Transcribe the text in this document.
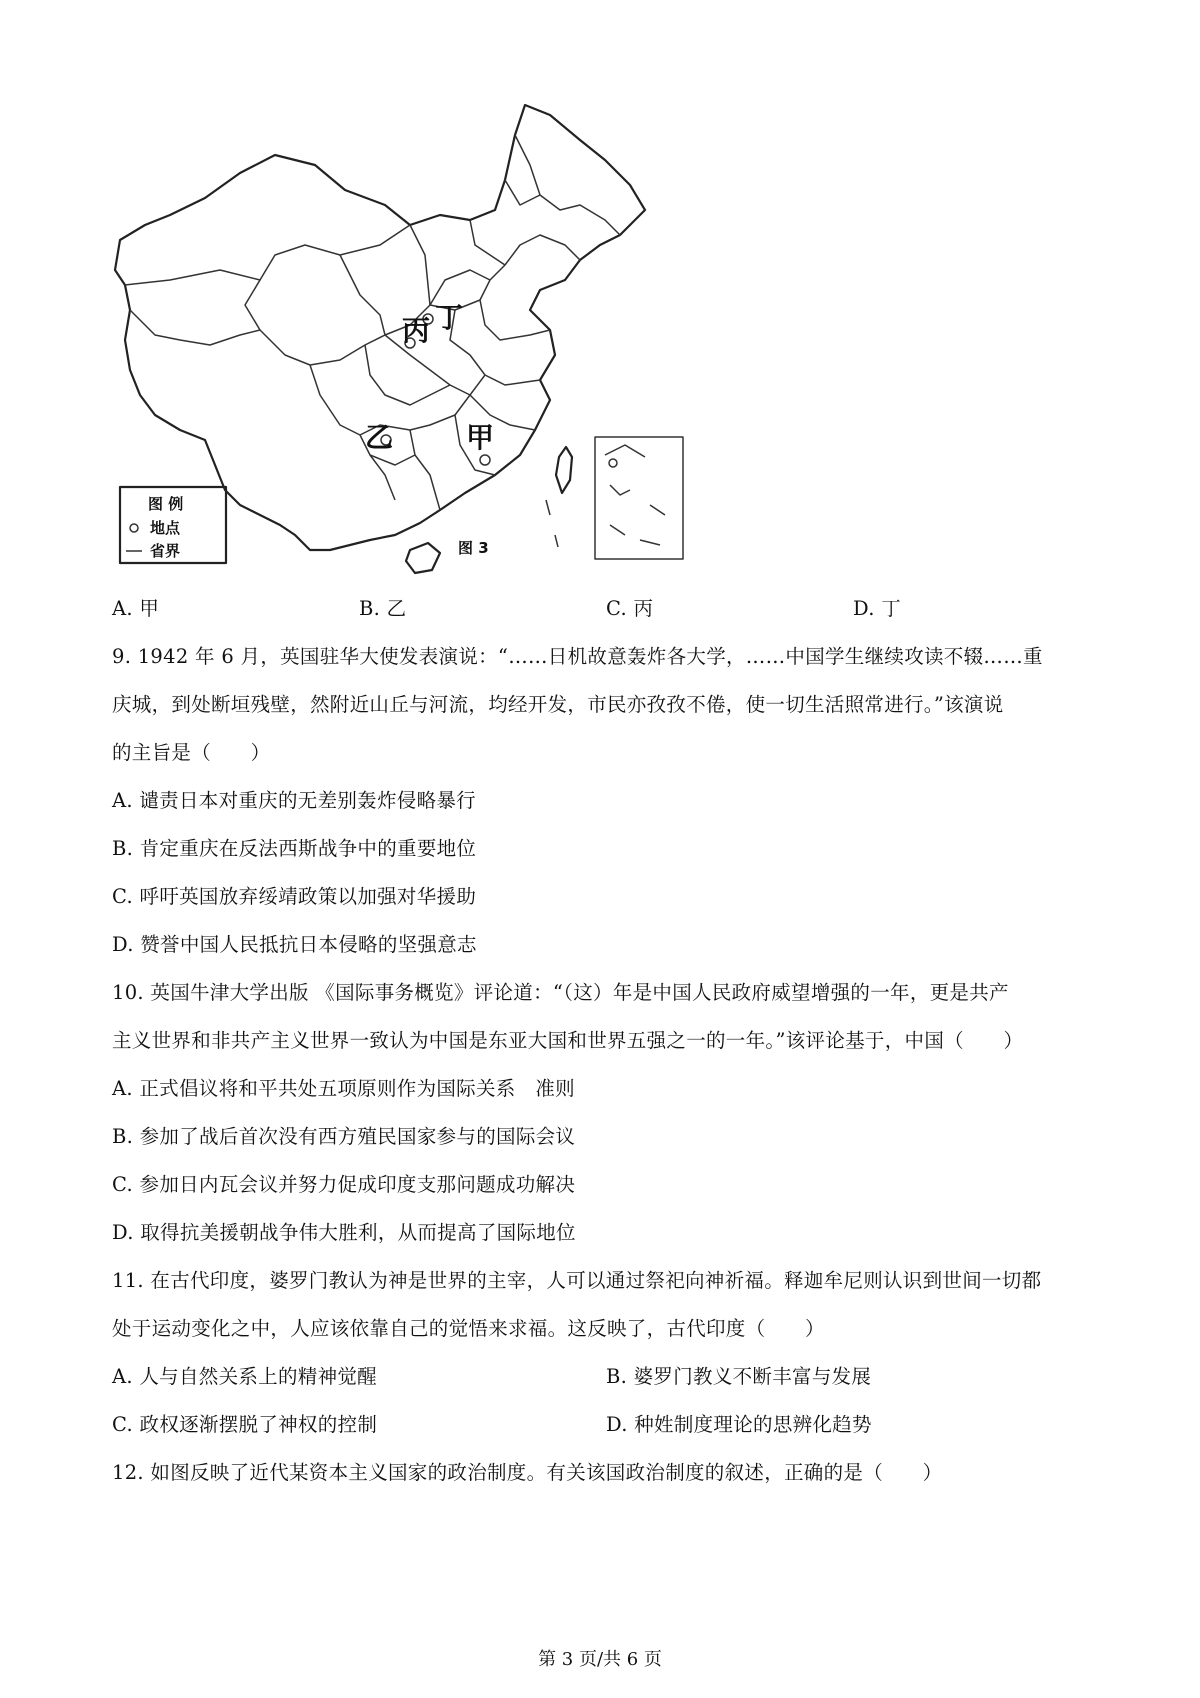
丁
丙
乙	甲
图 例
地点
省界	图 3
A. 甲	B. 乙	C. 丙	D. 丁
9. 1942 年 6 月，英国驻华大使发表演说：“……日机故意轰炸各大学，……中国学生继续攻读不辍……重
庆城，到处断垣残壁，然附近山丘与河流，均经开发，市民亦孜孜不倦，使一切生活照常进行。”该演说
的主旨是（　　）
A. 谴责日本对重庆的无差别轰炸侵略暴行
B. 肯定重庆在反法西斯战争中的重要地位
C. 呼吁英国放弃绥靖政策以加强对华援助
D. 赞誉中国人民抵抗日本侵略的坚强意志
10. 英国牛津大学出版 《国际事务概览》评论道：“（这）年是中国人民政府威望增强的一年，更是共产
主义世界和非共产主义世界一致认为中国是东亚大国和世界五强之一的一年。”该评论基于，中国（　　）
A. 正式倡议将和平共处五项原则作为国际关系　准则
B. 参加了战后首次没有西方殖民国家参与的国际会议
C. 参加日内瓦会议并努力促成印度支那问题成功解决
D. 取得抗美援朝战争伟大胜利，从而提高了国际地位
11. 在古代印度，婆罗门教认为神是世界的主宰，人可以通过祭祀向神祈福。释迦牟尼则认识到世间一切都
处于运动变化之中，人应该依靠自己的觉悟来求福。这反映了，古代印度（　　）
A. 人与自然关系上的精神觉醒	B. 婆罗门教义不断丰富与发展
C. 政权逐渐摆脱了神权的控制	D. 种姓制度理论的思辨化趋势
12. 如图反映了近代某资本主义国家的政治制度。有关该国政治制度的叙述，正确的是（　　）
第 3 页/共 6 页
